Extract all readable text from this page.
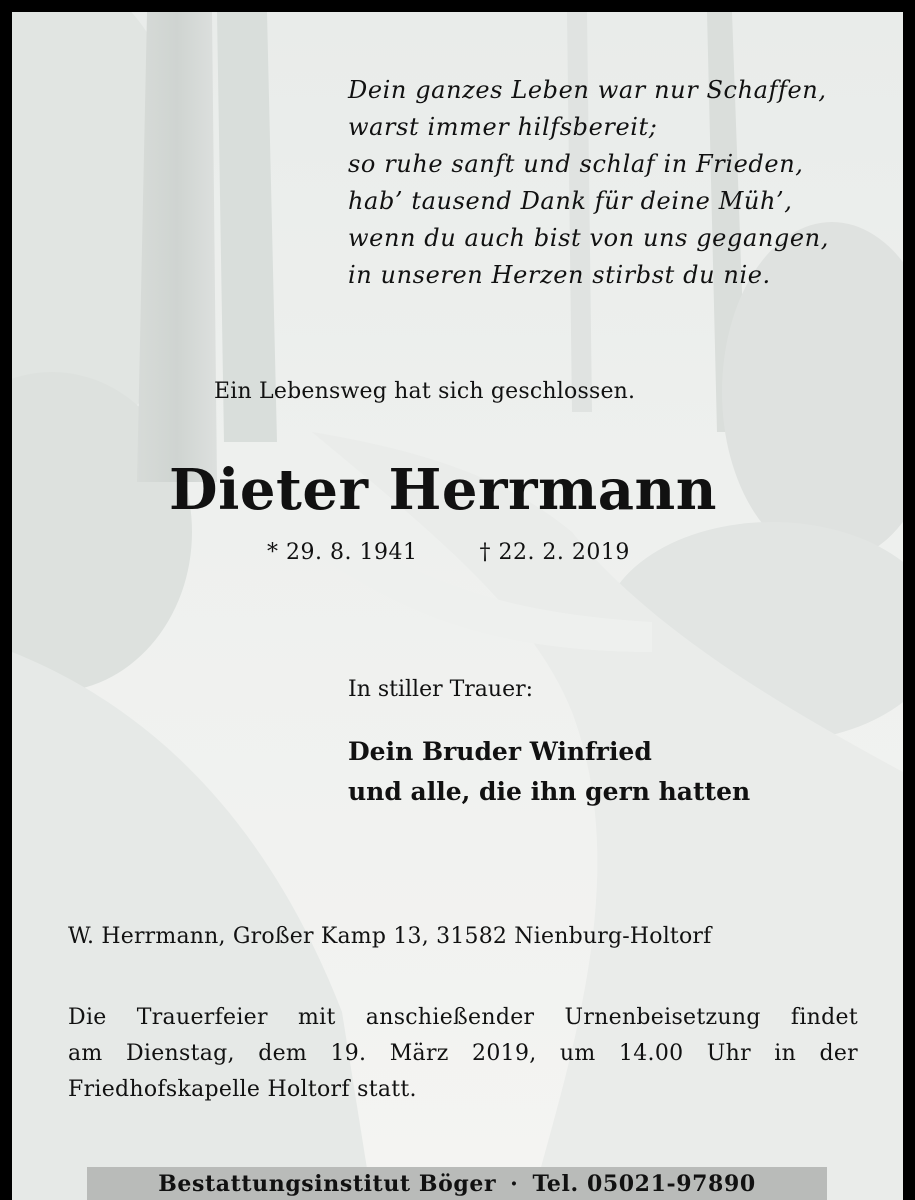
Dein ganzes Leben war nur Schaffen,
warst immer hilfsbereit;
so ruhe sanft und schlaf in Frieden,
hab’ tausend Dank für deine Müh’,
wenn du auch bist von uns gegangen,
in unseren Herzen stirbst du nie.
Ein Lebensweg hat sich geschlossen.
Dieter Herrmann
* 29. 8. 1941	† 22. 2. 2019
In stiller Trauer:
Dein Bruder Winfried
und alle, die ihn gern hatten
W. Herrmann, Großer Kamp 13, 31582 Nienburg-Holtorf
Die Trauerfeier mit anschießender Urnenbeisetzung findet
am Dienstag, dem 19. März 2019, um 14.00 Uhr in der
Friedhofskapelle Holtorf statt.
Bestattungsinstitut Böger · Tel. 05021-97890
